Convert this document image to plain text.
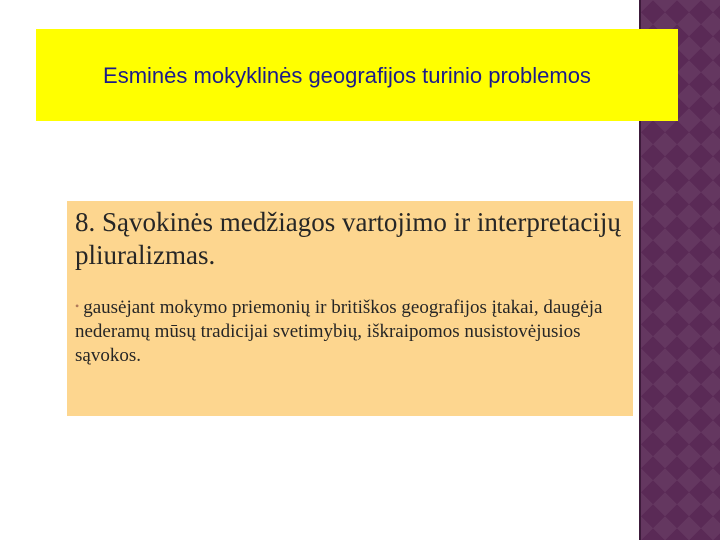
Esminės mokyklinės geografijos turinio problemos

8. Sąvokinės medžiagos vartojimo ir interpretacijų pliuralizmas.

• gausėjant mokymo priemonių ir britiškos geografijos įtakai, daugėja nederamų mūsų tradicijai svetimybių, iškraipomos nusistovėjusios sąvokos.
